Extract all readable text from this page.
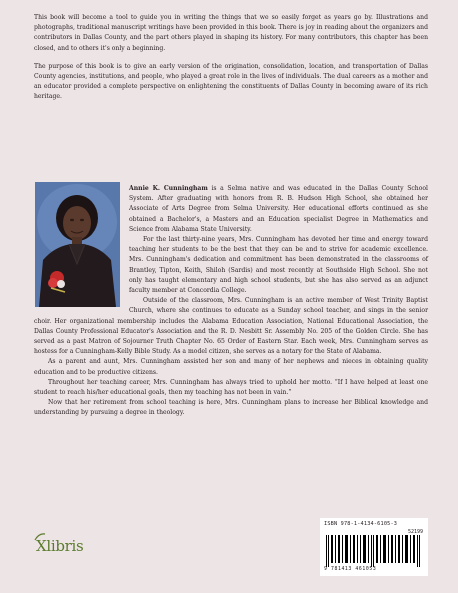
This book will become a tool to guide you in writing the things that we so easily forget as years go by. Illustrations and photographs, traditional manuscript writings have been provided in this book. There is joy in reading about the organizers and contributors in Dallas County, and the part others played in shaping its history. For many contributors, this chapter has been closed, and to others it's only a beginning.

The purpose of this book is to give an early version of the origination, consolidation, location, and transportation of Dallas County agencies, institutions, and people, who played a great role in the lives of individuals. The dual careers as a mother and an educator provided a complete perspective on enlightening the constituents of Dallas County in becoming aware of its rich heritage.

Annie K. Cunningham is a Selma native and was educated in the Dallas County School System. After graduating with honors from R. B. Hudson High School, she obtained her Associate of Arts Degree from Selma University. Her educational efforts continued as she obtained a Bachelor's, a Masters and an Education specialist Degree in Mathematics and Science from Alabama State University.

For the last thirty-nine years, Mrs. Cunningham has devoted her time and energy toward teaching her students to be the best that they can be and to strive for academic excellence. Mrs. Cunningham's dedication and commitment has been demonstrated in the classrooms of Brantley, Tipton, Keith, Shiloh (Sardis) and most recently at Southside High School. She not only has taught elementary and high school students, but she has also served as an adjunct faculty member at Concordia College.

Outside of the classroom, Mrs. Cunningham is an active member of West Trinity Baptist Church, where she continues to educate as a Sunday school teacher, and sings in the senior choir. Her organizational membership includes the Alabama Education Association, National Educational Association, the Dallas County Professional Educator's Association and the R. D. Nesbitt Sr. Assembly No. 205 of the Golden Circle. She has served as a past Matron of Sojourner Truth Chapter No. 65 Order of Eastern Star. Each week, Mrs. Cunningham serves as hostess for a Cunningham-Kelly Bible Study. As a model citizen, she serves as a notary for the State of Alabama.

As a parent and aunt, Mrs. Cunningham assisted her son and many of her nephews and nieces in obtaining quality education and to be productive citizens.

Throughout her teaching career, Mrs. Cunningham has always tried to uphold her motto. “If I have helped at least one student to reach his/her educational goals, then my teaching has not been in vain.”

Now that her retirement from school teaching is here, Mrs. Cunningham plans to increase her Biblical knowledge and understanding by pursuing a degree in theology.

ISBN 978-1-4134-6105-3
52199
9 781413 461053
Xlibris
